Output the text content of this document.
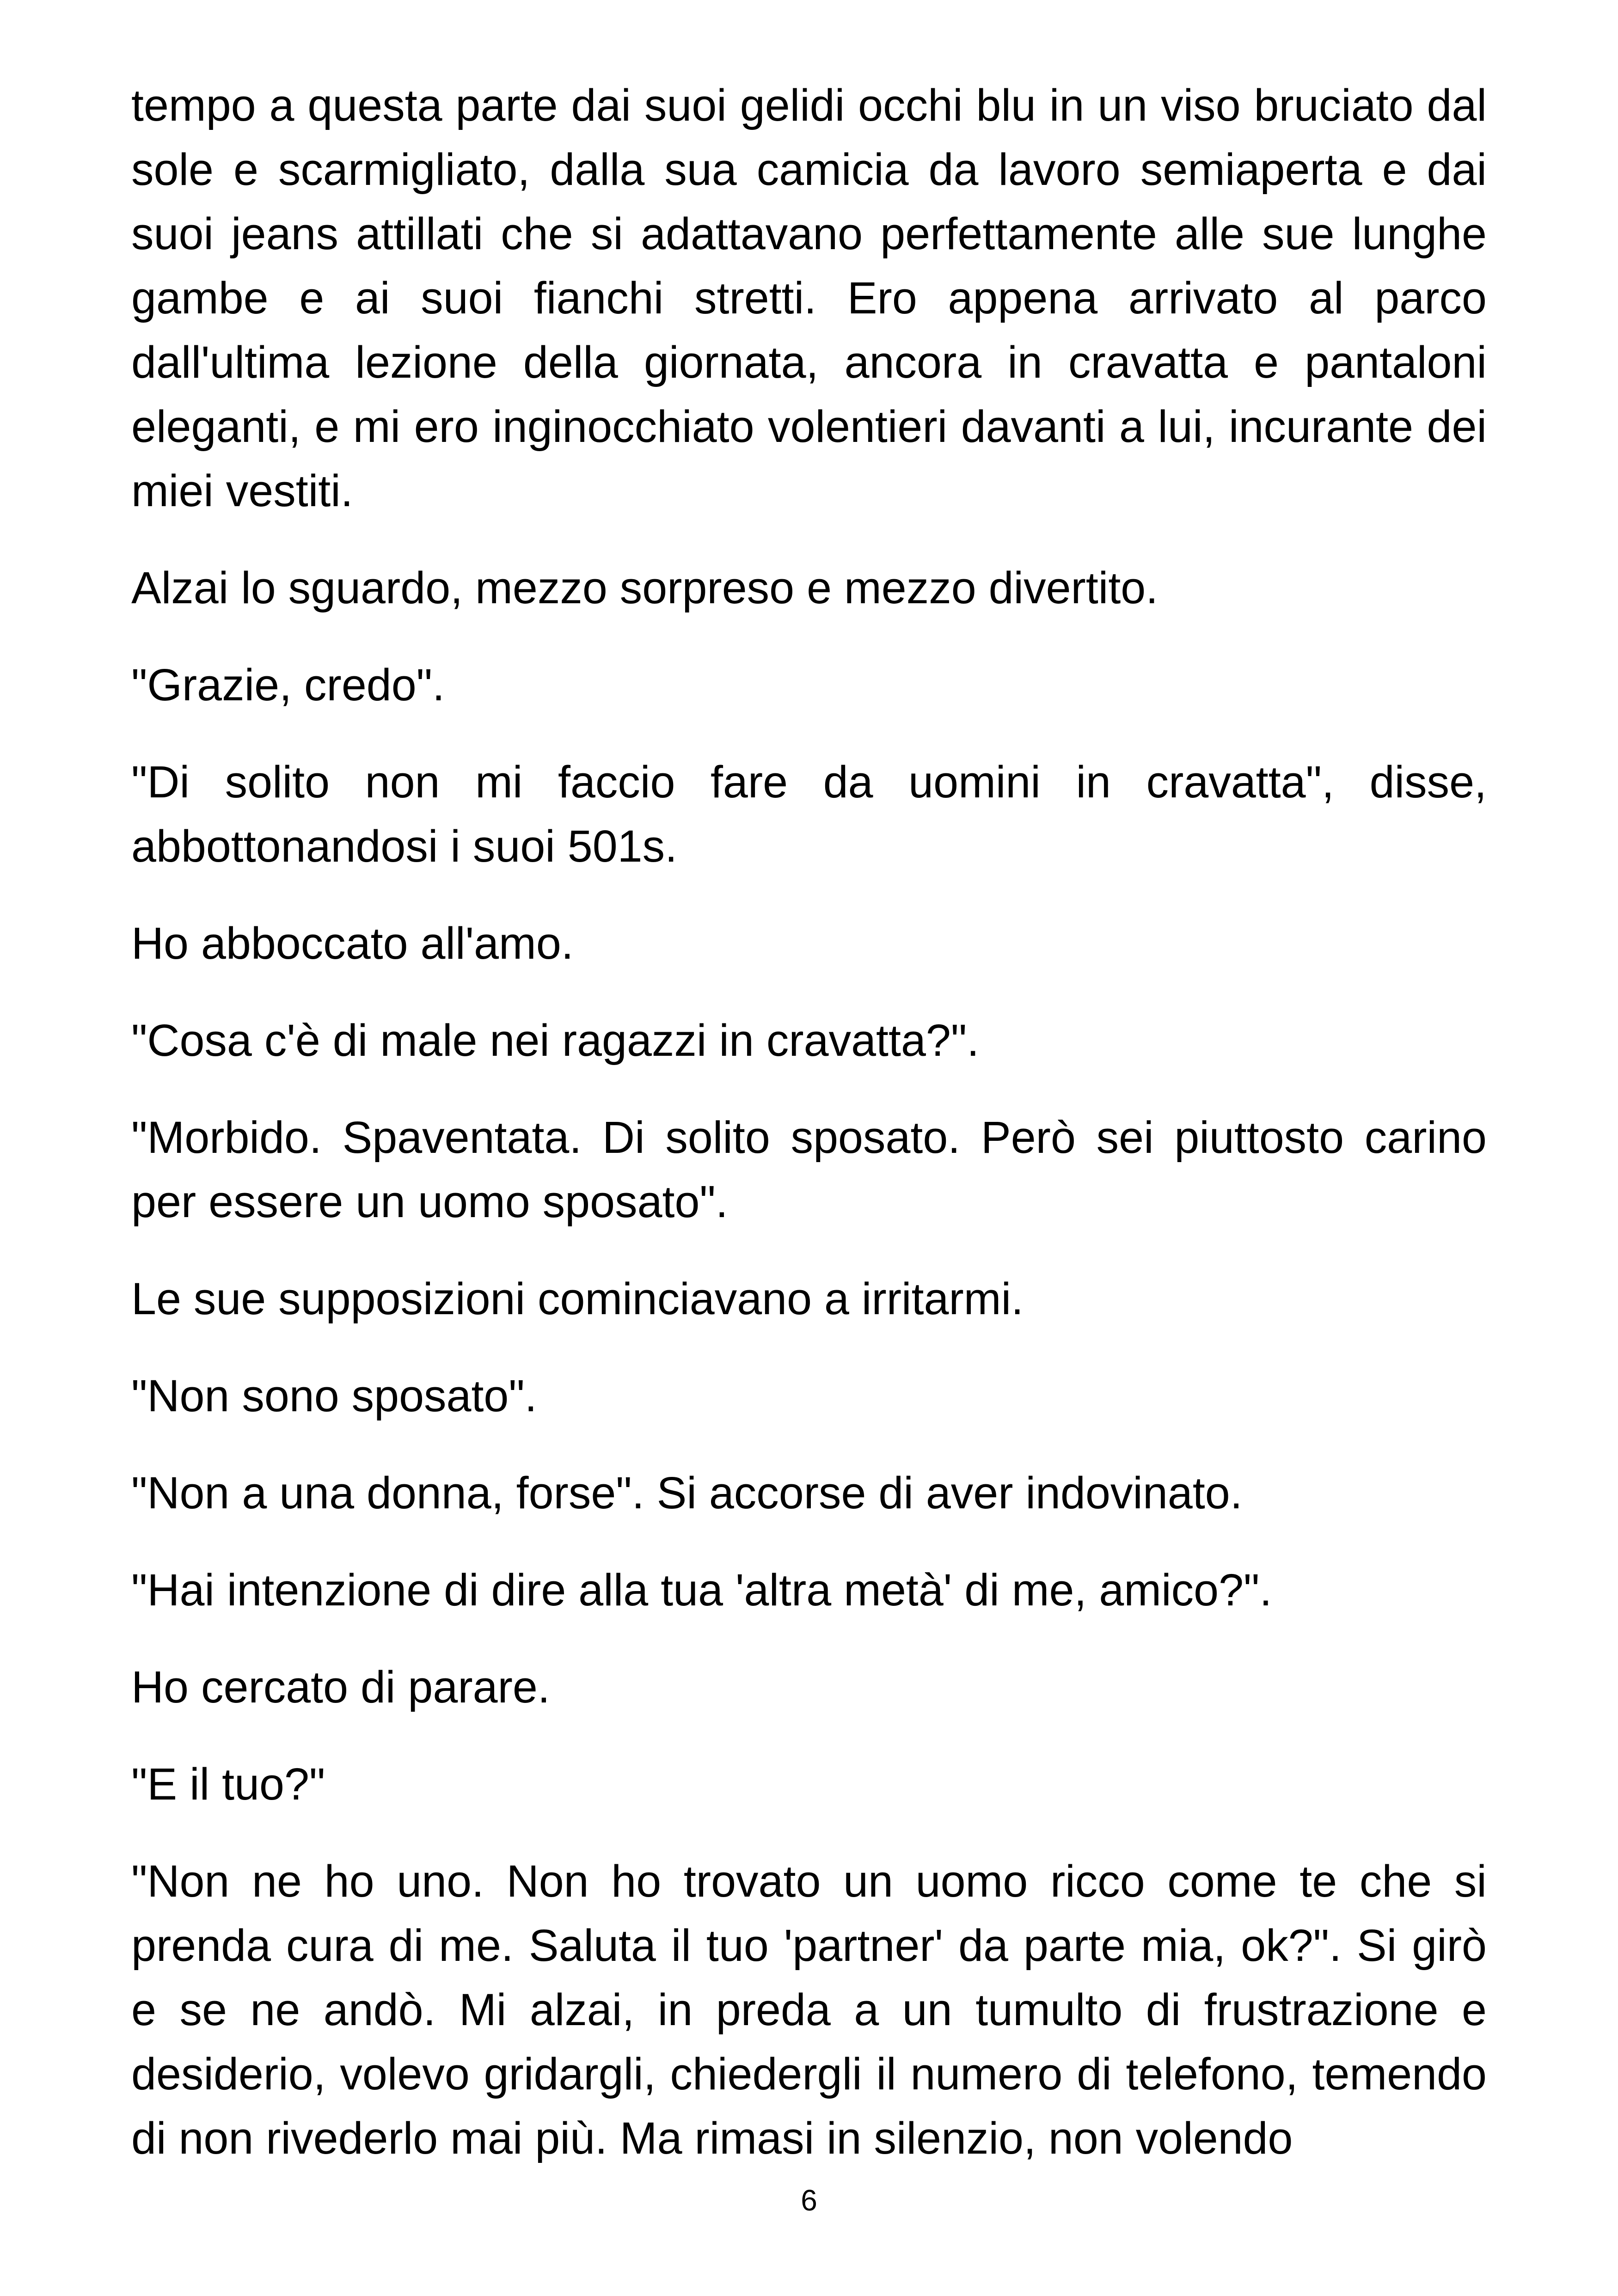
tempo a questa parte dai suoi gelidi occhi blu in un viso bruciato dal sole e scarmigliato, dalla sua camicia da lavoro semiaperta e dai suoi jeans attillati che si adattavano perfettamente alle sue lunghe gambe e ai suoi fianchi stretti. Ero appena arrivato al parco dall'ultima lezione della giornata, ancora in cravatta e pantaloni eleganti, e mi ero inginocchiato volentieri davanti a lui, incurante dei miei vestiti.

Alzai lo sguardo, mezzo sorpreso e mezzo divertito.

"Grazie, credo".

"Di solito non mi faccio fare da uomini in cravatta", disse, abbottonandosi i suoi 501s.

Ho abboccato all'amo.

"Cosa c'è di male nei ragazzi in cravatta?".

"Morbido. Spaventata. Di solito sposato. Però sei piuttosto carino per essere un uomo sposato".

Le sue supposizioni cominciavano a irritarmi.

"Non sono sposato".

"Non a una donna, forse". Si accorse di aver indovinato.

"Hai intenzione di dire alla tua 'altra metà' di me, amico?".

Ho cercato di parare.

"E il tuo?"

"Non ne ho uno. Non ho trovato un uomo ricco come te che si prenda cura di me. Saluta il tuo 'partner' da parte mia, ok?". Si girò e se ne andò. Mi alzai, in preda a un tumulto di frustrazione e desiderio, volevo gridargli, chiedergli il numero di telefono, temendo di non rivederlo mai più. Ma rimasi in silenzio, non volendo

6
